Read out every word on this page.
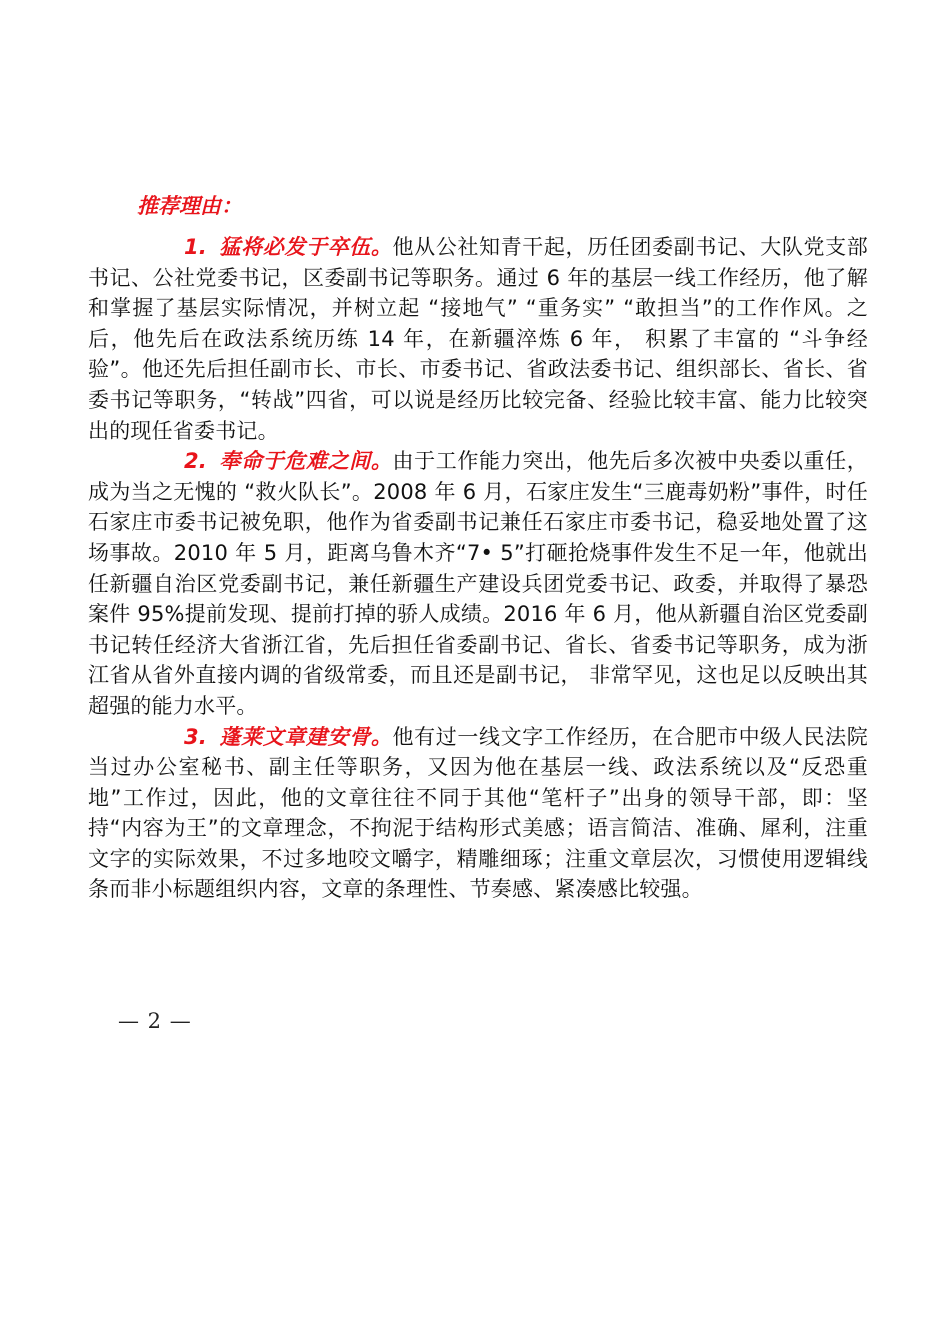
推荐理由：

1. 猛将必发于卒伍。他从公社知青干起，历任团委副书记、大队党支部书记、公社党委书记，区委副书记等职务。通过 6 年的基层一线工作经历，他了解和掌握了基层实际情况，并树立起 “接地气” “重务实” “敢担当”的工作作风。之后，他先后在政法系统历练 14 年，在新疆淬炼 6 年， 积累了丰富的 “斗争经验”。他还先后担任副市长、市长、市委书记、省政法委书记、组织部长、省长、省委书记等职务，“转战”四省，可以说是经历比较完备、经验比较丰富、能力比较突出的现任省委书记。

2. 奉命于危难之间。由于工作能力突出，他先后多次被中央委以重任，成为当之无愧的 “救火队长”。2008 年 6 月，石家庄发生“三鹿毒奶粉”事件，时任石家庄市委书记被免职，他作为省委副书记兼任石家庄市委书记，稳妥地处置了这场事故。2010 年 5 月，距离乌鲁木齐“7• 5”打砸抢烧事件发生不足一年，他就出任新疆自治区党委副书记，兼任新疆生产建设兵团党委书记、政委，并取得了暴恐案件 95%提前发现、提前打掉的骄人成绩。2016 年 6 月，他从新疆自治区党委副书记转任经济大省浙江省，先后担任省委副书记、省长、省委书记等职务，成为浙江省从省外直接内调的省级常委，而且还是副书记， 非常罕见，这也足以反映出其超强的能力水平。

3. 蓬莱文章建安骨。他有过一线文字工作经历，在合肥市中级人民法院当过办公室秘书、副主任等职务，又因为他在基层一线、政法系统以及“反恐重地”工作过，因此，他的文章往往不同于其他“笔杆子”出身的领导干部，即：坚持“内容为王”的文章理念，不拘泥于结构形式美感；语言简洁、准确、犀利，注重文字的实际效果，不过多地咬文嚼字，精雕细琢；注重文章层次，习惯使用逻辑线条而非小标题组织内容，文章的条理性、节奏感、紧凑感比较强。

— 2 —
